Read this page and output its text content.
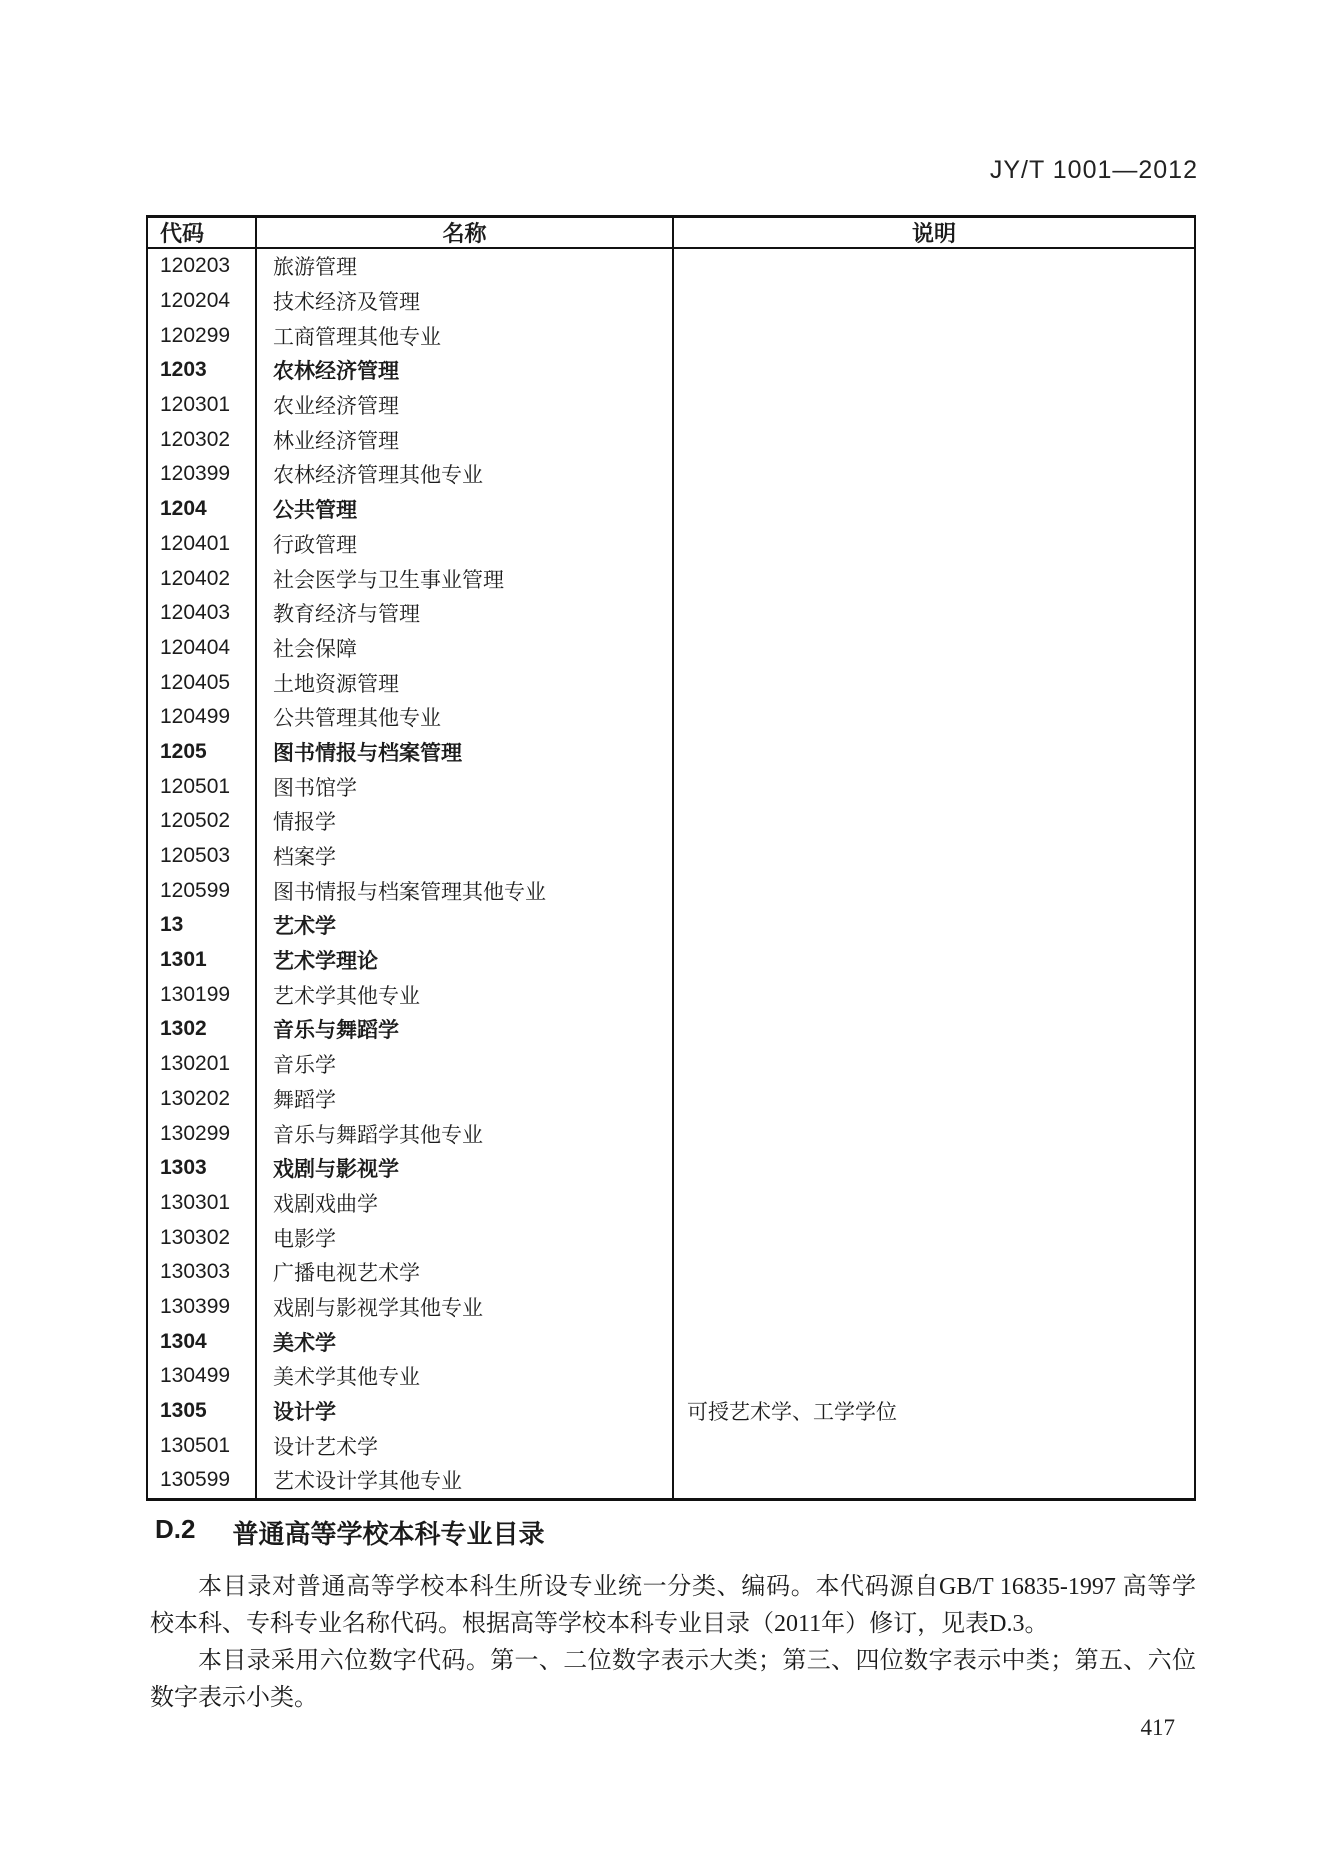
JY/T 1001—2012
代码	名称	说明
120203	旅游管理
120204	技术经济及管理
120299	工商管理其他专业
1203	农林经济管理
120301	农业经济管理
120302	林业经济管理
120399	农林经济管理其他专业
1204	公共管理
120401	行政管理
120402	社会医学与卫生事业管理
120403	教育经济与管理
120404	社会保障
120405	土地资源管理
120499	公共管理其他专业
1205	图书情报与档案管理
120501	图书馆学
120502	情报学
120503	档案学
120599	图书情报与档案管理其他专业
13	艺术学
1301	艺术学理论
130199	艺术学其他专业
1302	音乐与舞蹈学
130201	音乐学
130202	舞蹈学
130299	音乐与舞蹈学其他专业
1303	戏剧与影视学
130301	戏剧戏曲学
130302	电影学
130303	广播电视艺术学
130399	戏剧与影视学其他专业
1304	美术学
130499	美术学其他专业
1305	设计学	可授艺术学、工学学位
130501	设计艺术学
130599	艺术设计学其他专业
D.2 普通高等学校本科专业目录

本目录对普通高等学校本科生所设专业统一分类、编码。本代码源自GB/T 16835-1997 高等学校本科、专科专业名称代码。根据高等学校本科专业目录（2011年）修订，见表D.3。

本目录采用六位数字代码。第一、二位数字表示大类；第三、四位数字表示中类；第五、六位数字表示小类。

417
